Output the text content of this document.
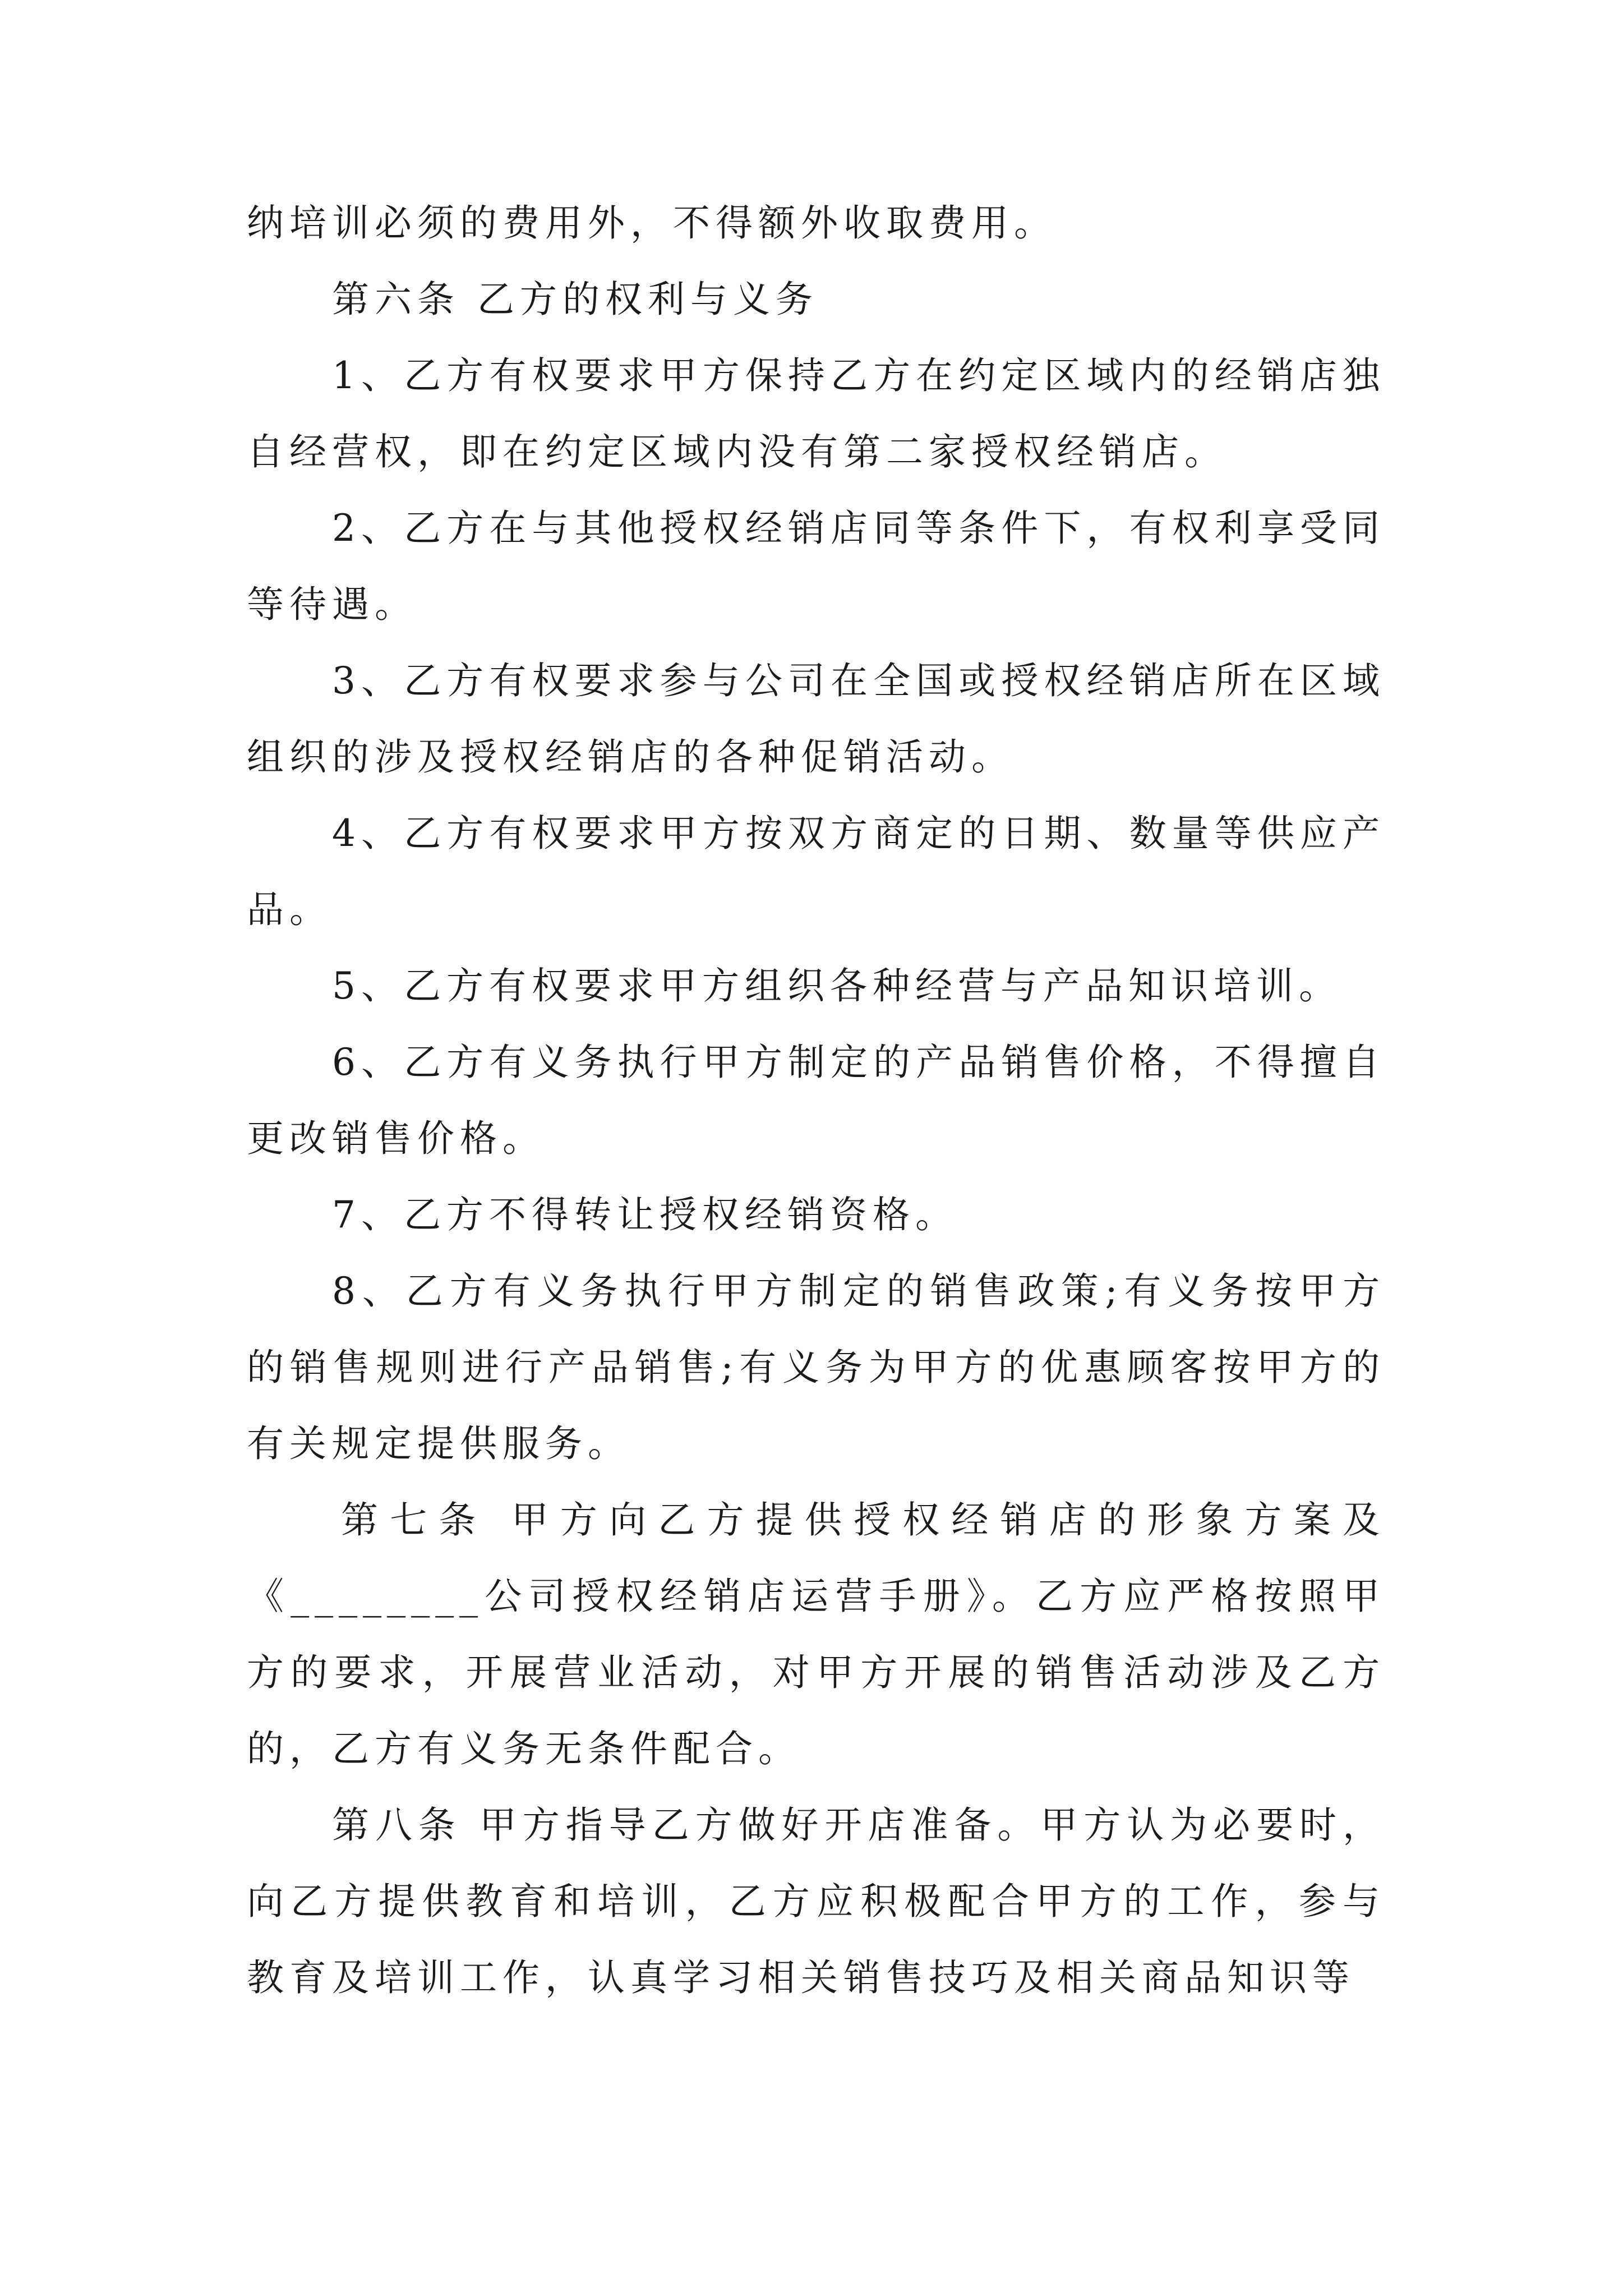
纳培训必须的费用外，不得额外收取费用。

第六条 乙方的权利与义务

1、乙方有权要求甲方保持乙方在约定区域内的经销店独自经营权，即在约定区域内没有第二家授权经销店。

2、乙方在与其他授权经销店同等条件下，有权利享受同等待遇。

3、乙方有权要求参与公司在全国或授权经销店所在区域组织的涉及授权经销店的各种促销活动。

4、乙方有权要求甲方按双方商定的日期、数量等供应产品。

5、乙方有权要求甲方组织各种经营与产品知识培训。

6、乙方有义务执行甲方制定的产品销售价格，不得擅自更改销售价格。

7、乙方不得转让授权经销资格。

8、乙方有义务执行甲方制定的销售政策;有义务按甲方的销售规则进行产品销售;有义务为甲方的优惠顾客按甲方的有关规定提供服务。

第七条 甲方向乙方提供授权经销店的形象方案及《________公司授权经销店运营手册》。乙方应严格按照甲方的要求，开展营业活动，对甲方开展的销售活动涉及乙方的，乙方有义务无条件配合。

第八条 甲方指导乙方做好开店准备。甲方认为必要时，向乙方提供教育和培训，乙方应积极配合甲方的工作，参与教育及培训工作，认真学习相关销售技巧及相关商品知识等
